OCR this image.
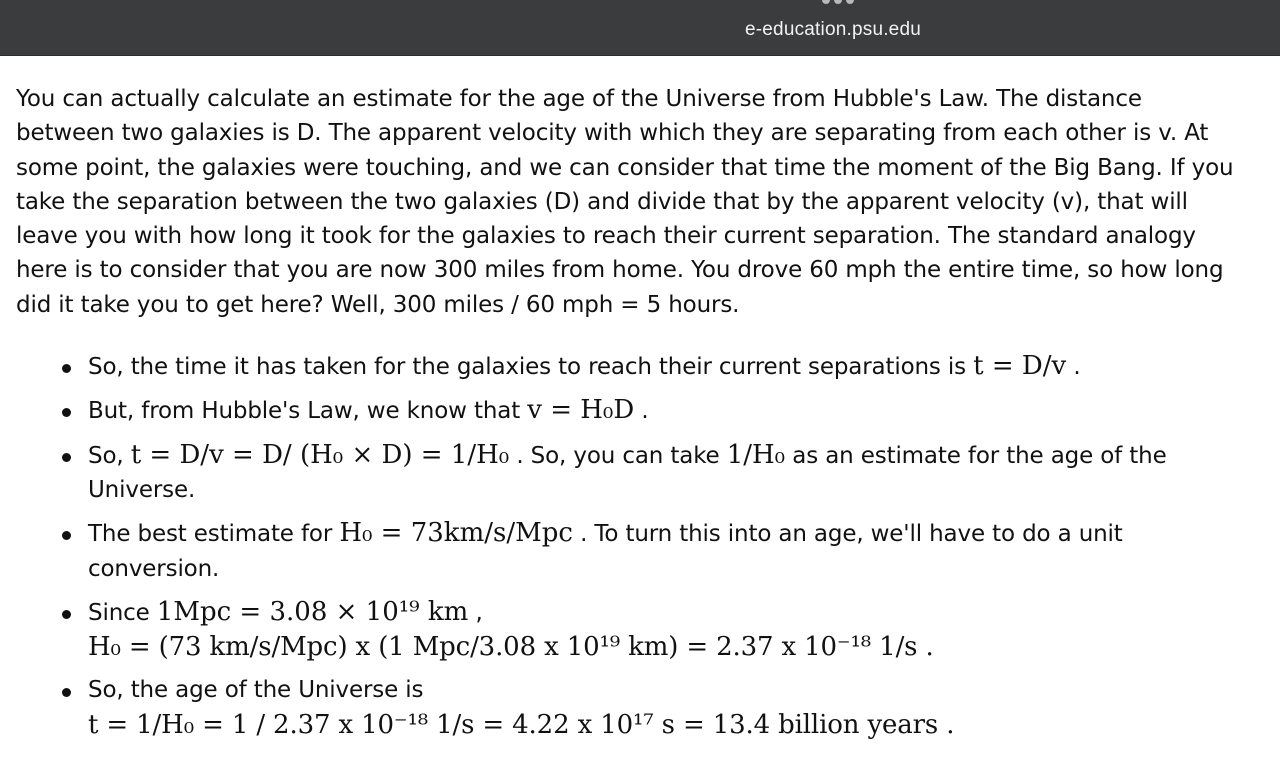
e-education.psu.edu

You can actually calculate an estimate for the age of the Universe from Hubble's Law. The distance between two galaxies is D. The apparent velocity with which they are separating from each other is v. At some point, the galaxies were touching, and we can consider that time the moment of the Big Bang. If you take the separation between the two galaxies (D) and divide that by the apparent velocity (v), that will leave you with how long it took for the galaxies to reach their current separation. The standard analogy here is to consider that you are now 300 miles from home. You drove 60 mph the entire time, so how long did it take you to get here? Well, 300 miles / 60 mph = 5 hours.

So, the time it has taken for the galaxies to reach their current separations is t = D/v .
But, from Hubble's Law, we know that v = H₀D .
So, t = D/v = D/ (H₀ × D) = 1/H₀ . So, you can take 1/H₀ as an estimate for the age of the Universe.
The best estimate for H₀ = 73km/s/Mpc . To turn this into an age, we'll have to do a unit conversion.
Since 1Mpc = 3.08 × 10¹⁹ km ,
H₀ = (73 km/s/Mpc) x (1 Mpc/3.08 x 10¹⁹ km) = 2.37 x 10⁻¹⁸ 1/s .
So, the age of the Universe is
t = 1/H₀ = 1 / 2.37 x 10⁻¹⁸ 1/s = 4.22 x 10¹⁷ s = 13.4 billion years .
